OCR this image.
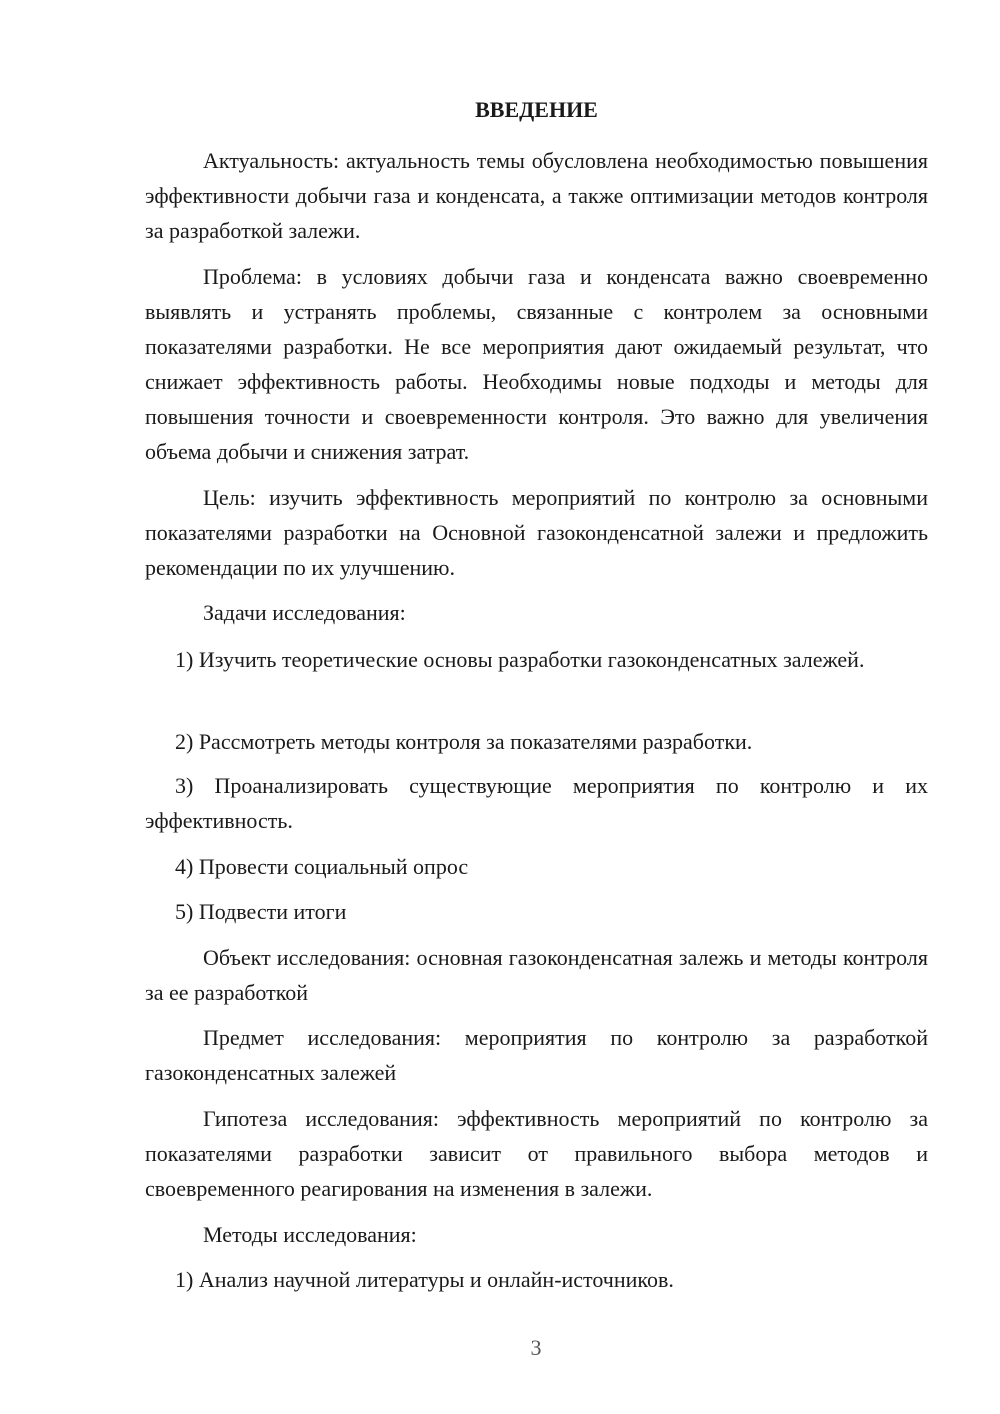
ВВЕДЕНИЕ

Актуальность: актуальность темы обусловлена необходимостью повышения эффективности добычи газа и конденсата, а также оптимизации методов контроля за разработкой залежи.

Проблема: в условиях добычи газа и конденсата важно своевременно выявлять и устранять проблемы, связанные с контролем за основными показателями разработки. Не все мероприятия дают ожидаемый результат, что снижает эффективность работы. Необходимы новые подходы и методы для повышения точности и своевременности контроля. Это важно для увеличения объема добычи и снижения затрат.

Цель: изучить эффективность мероприятий по контролю за основными показателями разработки на Основной газоконденсатной залежи и предложить рекомендации по их улучшению.

Задачи исследования:

1) Изучить теоретические основы разработки газоконденсатных залежей.

2) Рассмотреть методы контроля за показателями разработки.

3) Проанализировать существующие мероприятия по контролю и их эффективность.

4) Провести социальный опрос

5) Подвести итоги

Объект исследования: основная газоконденсатная залежь и методы контроля за ее разработкой

Предмет исследования: мероприятия по контролю за разработкой газоконденсатных залежей

Гипотеза исследования: эффективность мероприятий по контролю за показателями разработки зависит от правильного выбора методов и своевременного реагирования на изменения в залежи.

Методы исследования:

1) Анализ научной литературы и онлайн-источников.

3
